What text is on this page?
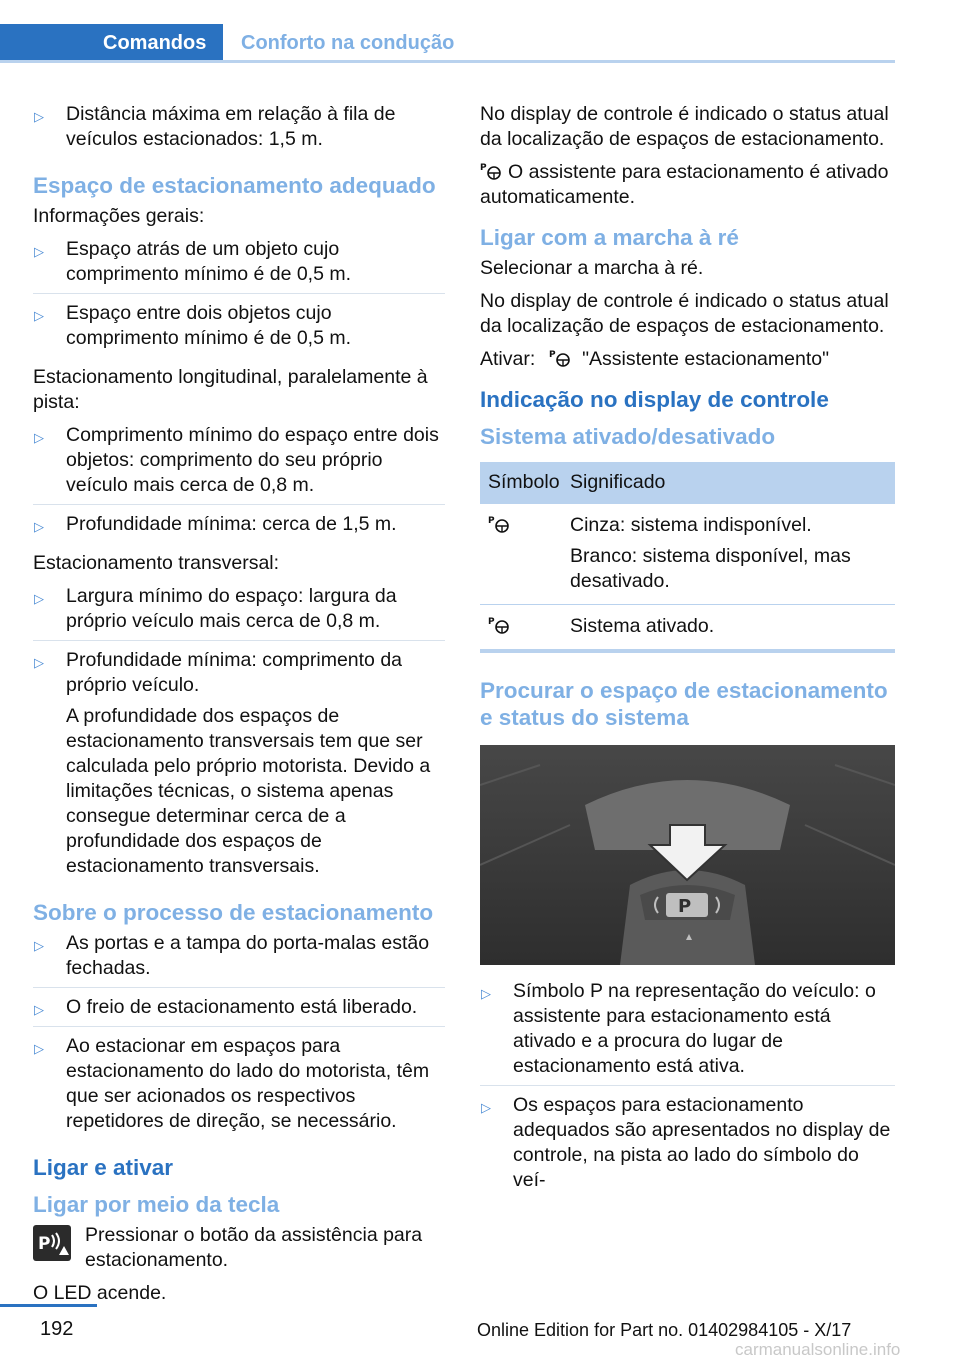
Comandos	Conforto na condução
▷ Distância máxima em relação à fila de veículos estacionados: 1,5 m.

Espaço de estacionamento adequado

Informações gerais:

▷ Espaço atrás de um objeto cujo comprimento mínimo é de 0,5 m.

▷ Espaço entre dois objetos cujo comprimento mínimo é de 0,5 m.

Estacionamento longitudinal, paralelamente à pista:

▷ Comprimento mínimo do espaço entre dois objetos: comprimento do seu próprio veículo mais cerca de 0,8 m.

▷ Profundidade mínima: cerca de 1,5 m.

Estacionamento transversal:

▷ Largura mínimo do espaço: largura da próprio veículo mais cerca de 0,8 m.

▷ Profundidade mínima: comprimento da próprio veículo.

A profundidade dos espaços de estacionamento transversais tem que ser calculada pelo próprio motorista. Devido a limitações técnicas, o sistema apenas consegue determinar cerca de a profundidade dos espaços de estacionamento transversais.

Sobre o processo de estacionamento
▷ As portas e a tampa do porta-malas estão fechadas.

▷ O freio de estacionamento está liberado.

▷ Ao estacionar em espaços para estacionamento do lado do motorista, têm que ser acionados os respectivos repetidores de direção, se necessário.

Ligar e ativar
Ligar por meio da tecla
P Pressionar o botão da assistência para estacionamento.

O LED acende.

No display de controle é indicado o status atual da localização de espaços de estacionamento.

P O assistente para estacionamento é ativado automaticamente.

Ligar com a marcha à ré

Selecionar a marcha à ré.

No display de controle é indicado o status atual da localização de espaços de estacionamento.

Ativar: P "Assistente estacionamento"

Indicação no display de controle
Sistema ativado/desativado
Símbolo Significado
P	Cinza: sistema indisponível.

Branco: sistema disponível, mas desativado.

P	Sistema ativado.

Procurar o espaço de estacionamento e status do sistema
P
▷ Símbolo P na representação do veículo: o assistente para estacionamento está ativado e a procura do lugar de estacionamento está ativa.

▷ Os espaços para estacionamento adequados são apresentados no display de controle, na pista ao lado do símbolo do veí-

192	Online Edition for Part no. 01402984105 - X/17
carmanualsonline.info
